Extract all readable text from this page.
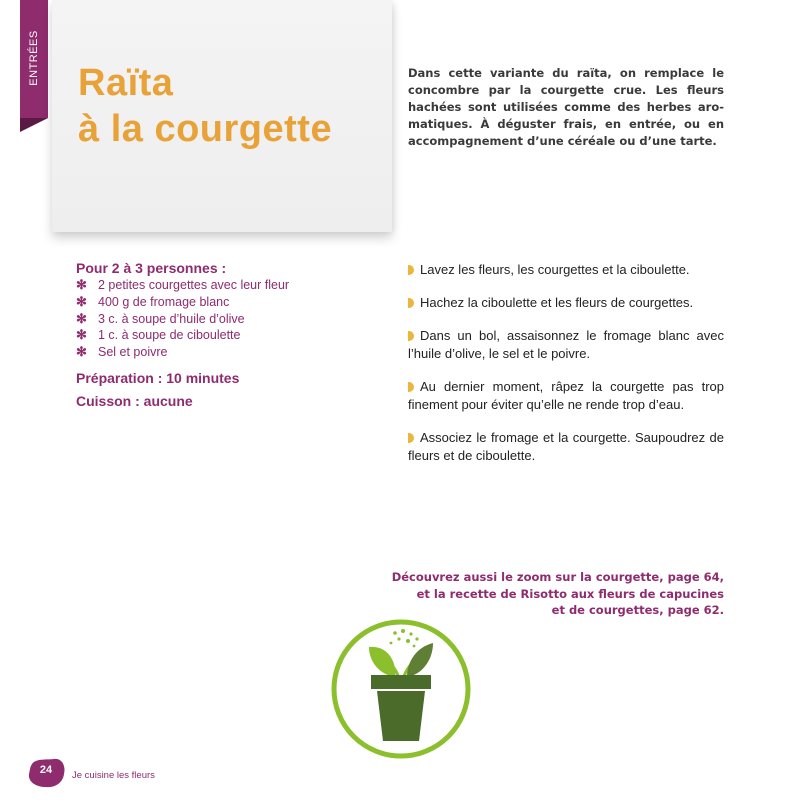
ENTRÉES Raïta
à la courgette

Dans cette variante du raïta, on remplace le concombre par la courgette crue. Les fleurs hachées sont utilisées comme des herbes aromatiques. À déguster frais, en entrée, ou en accompagnement d’une céréale ou d’une tarte.

Pour 2 à 3 personnes :

✻ 2 petites courgettes avec leur fleur
✻ 400 g de fromage blanc
✻ 3 c. à soupe d’huile d’olive
✻ 1 c. à soupe de ciboulette
✻ Sel et poivre

Préparation : 10 minutes

Cuisson : aucune

Lavez les fleurs, les courgettes et la ciboulette.
Hachez la ciboulette et les fleurs de courgettes.
Dans un bol, assaisonnez le fromage blanc avec l’huile d’olive, le sel et le poivre.
Au dernier moment, râpez la courgette pas trop finement pour éviter qu’elle ne rende trop d’eau.
Associez le fromage et la courgette. Saupoudrez de fleurs et de ciboulette.
Découvrez aussi le zoom sur la courgette, page 64,
et la recette de Risotto aux fleurs de capucines
et de courgettes, page 62.
24	Je cuisine les fleurs
